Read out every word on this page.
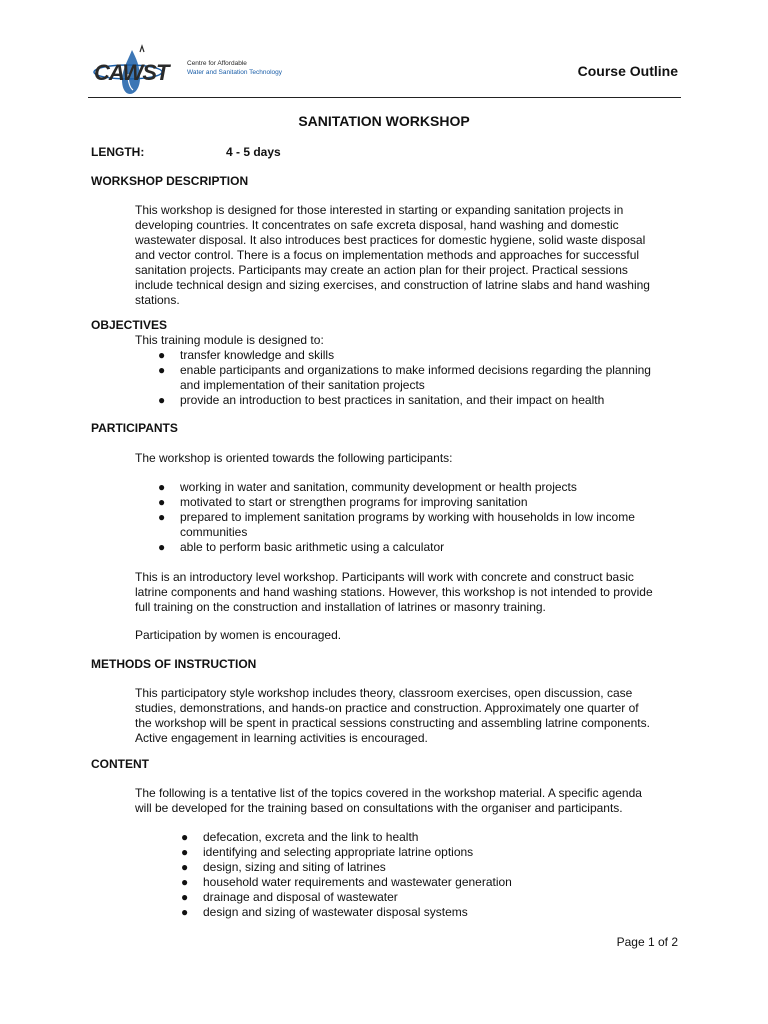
CAWST	Centre for Affordable
Water and Sanitation Technology	Course Outline
SANITATION WORKSHOP
LENGTH:	4 - 5 days
WORKSHOP DESCRIPTION
This workshop is designed for those interested in starting or expanding sanitation projects in
developing countries. It concentrates on safe excreta disposal, hand washing and domestic
wastewater disposal. It also introduces best practices for domestic hygiene, solid waste disposal
and vector control. There is a focus on implementation methods and approaches for successful
sanitation projects. Participants may create an action plan for their project. Practical sessions
include technical design and sizing exercises, and construction of latrine slabs and hand washing
stations.
OBJECTIVES
This training module is designed to:
●	transfer knowledge and skills
●	enable participants and organizations to make informed decisions regarding the planning
and implementation of their sanitation projects
●	provide an introduction to best practices in sanitation, and their impact on health
PARTICIPANTS
The workshop is oriented towards the following participants:
●	working in water and sanitation, community development or health projects
●	motivated to start or strengthen programs for improving sanitation
●	prepared to implement sanitation programs by working with households in low income
communities
●	able to perform basic arithmetic using a calculator
This is an introductory level workshop. Participants will work with concrete and construct basic
latrine components and hand washing stations. However, this workshop is not intended to provide
full training on the construction and installation of latrines or masonry training.
Participation by women is encouraged.
METHODS OF INSTRUCTION
This participatory style workshop includes theory, classroom exercises, open discussion, case
studies, demonstrations, and hands-on practice and construction. Approximately one quarter of
the workshop will be spent in practical sessions constructing and assembling latrine components.
Active engagement in learning activities is encouraged.
CONTENT
The following is a tentative list of the topics covered in the workshop material. A specific agenda
will be developed for the training based on consultations with the organiser and participants.
●	defecation, excreta and the link to health
●	identifying and selecting appropriate latrine options
●	design, sizing and siting of latrines
●	household water requirements and wastewater generation
●	drainage and disposal of wastewater
●	design and sizing of wastewater disposal systems
Page 1 of 2
